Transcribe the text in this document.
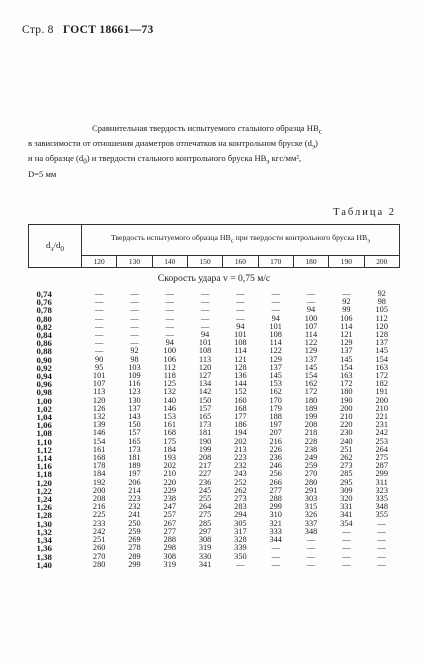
Стр. 8 ГОСТ 18661—73

Сравнительная твердость испытуемого стального образца $HB_с$

в зависимости от отношения диаметров отпечатков на контрольном бруске $(d_э)$

и на образце $(d_0)$ и твердости стального контрольного бруска $HB_э$ кгс/мм²,

D=5 мм

Таблица 2
$d_э/d_0$	Твердость испытуемого образца $HB_с$ при твердости контрольного бруска $HB_э$
	120	130	140	150	160	170	180	190	200
Скорость удара v = 0,75 м/с									
0,74	—	—	—	—	—	—	—	—	92
0,76	—	—	—	—	—	—	—	92	98
0,78	—	—	—	—	—	—	94	99	105
0,80	—	—	—	—	—	94	100	106	112
0,82	—	—	—	—	94	101	107	114	120
0,84	—	—	—	94	101	108	114	121	128
0,86	—	—	94	101	108	114	122	129	137
0,88	—	92	100	108	114	122	129	137	145
0,90	90	98	106	113	121	129	137	145	154
0,92	95	103	112	120	128	137	145	154	163
0,94	101	109	118	127	136	145	154	163	172
0,96	107	116	125	134	144	153	162	172	182
0,98	113	123	132	142	152	162	172	180	191
1,00	120	130	140	150	160	170	180	190	200
1,02	126	137	146	157	168	179	189	200	210
1,04	132	143	153	165	177	188	199	210	221
1,06	139	150	161	173	186	197	208	220	231
1,08	146	157	168	181	194	207	218	230	242
1,10	154	165	175	190	202	216	228	240	253
1,12	161	173	184	199	213	226	238	251	264
1,14	168	181	193	208	223	236	249	262	275
1,16	178	189	202	217	232	246	259	273	287
1,18	184	197	210	227	243	256	270	285	299
1,20	192	206	220	236	252	266	280	295	311
1,22	200	214	229	245	262	277	291	309	323
1,24	208	223	238	255	273	288	303	320	335
1,26	216	232	247	264	283	299	315	331	348
1,28	225	241	257	275	294	310	326	341	355
1,30	233	250	267	285	305	321	337	354	—
1,32	242	259	277	297	317	333	348	—	—
1,34	251	269	288	308	328	344	—	—	—
1,36	260	278	298	319	339	—	—	—	—
1,38	270	289	308	330	350	—	—	—	—
1,40	280	299	319	341	—	—	—	—	—
